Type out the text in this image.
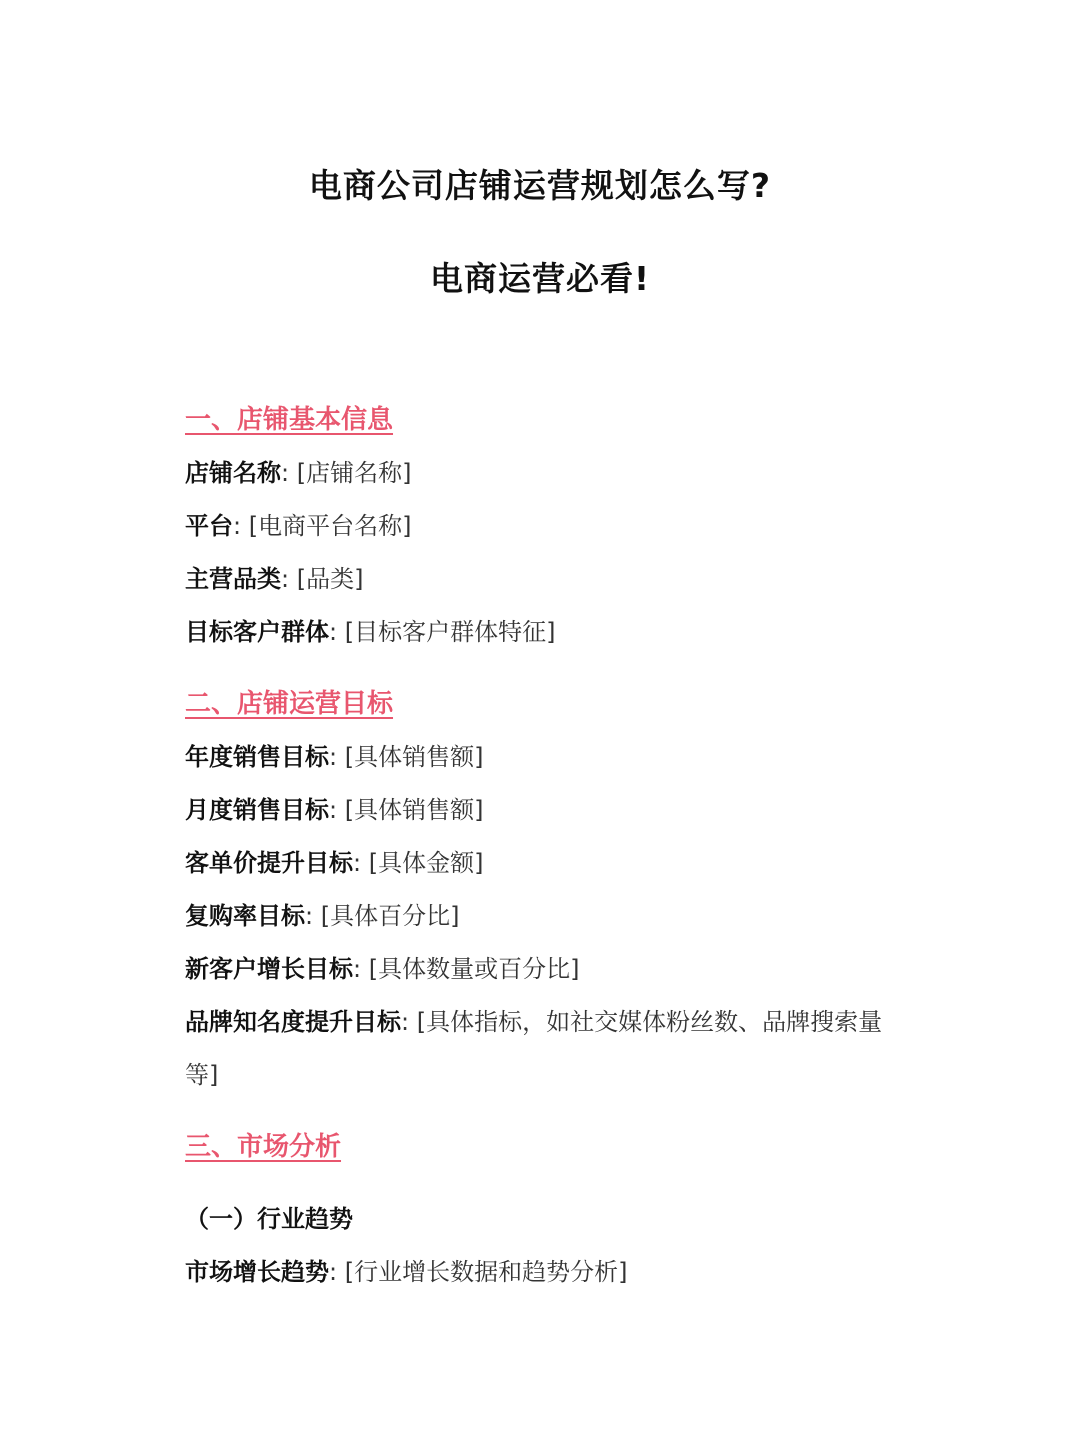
电商公司店铺运营规划怎么写?
电商运营必看!
一、店铺基本信息

店铺名称: [店铺名称]

平台: [电商平台名称]

主营品类: [品类]

目标客户群体: [目标客户群体特征]

二、店铺运营目标

年度销售目标: [具体销售额]

月度销售目标: [具体销售额]

客单价提升目标: [具体金额]

复购率目标: [具体百分比]

新客户增长目标: [具体数量或百分比]

品牌知名度提升目标: [具体指标，如社交媒体粉丝数、品牌搜索量等]

三、市场分析

（一）行业趋势

市场增长趋势: [行业增长数据和趋势分析]
